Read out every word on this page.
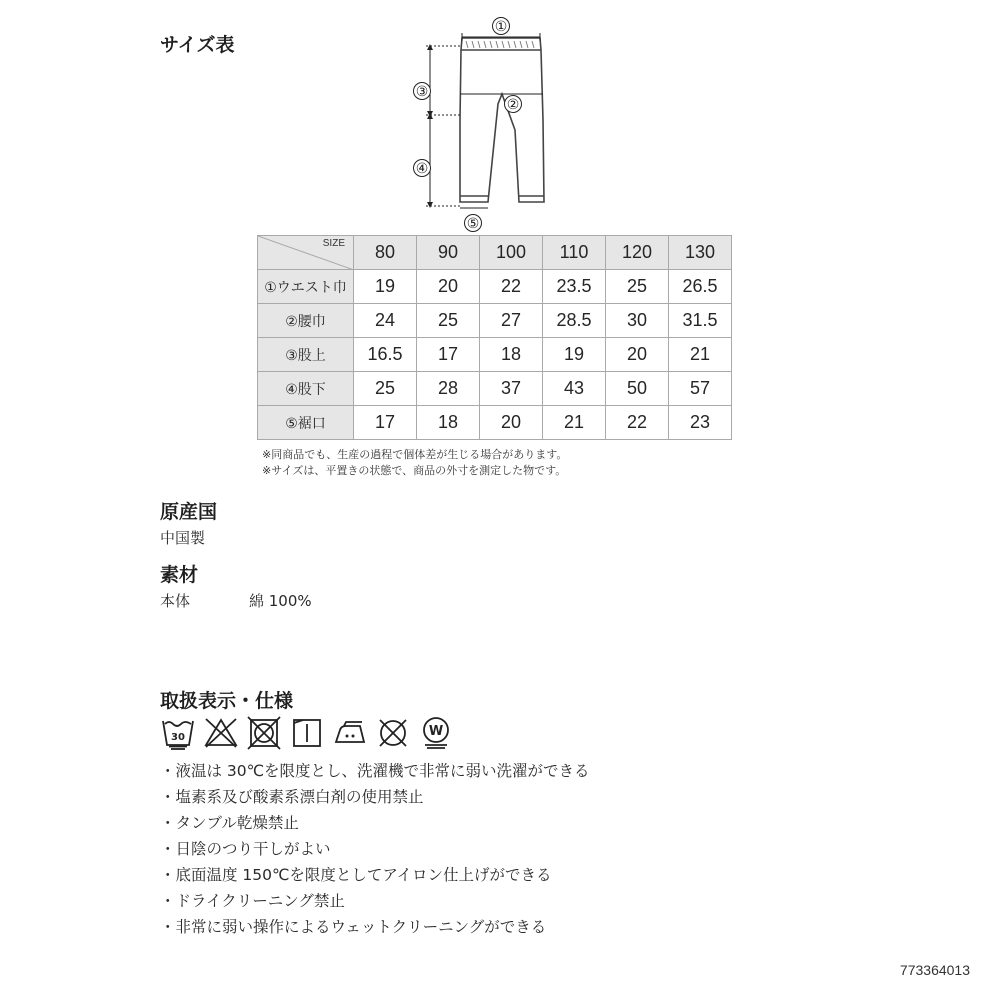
サイズ表
①
②
③
④
⑤
SIZE	80	90	100	110	120	130
①ウエスト巾	19	20	22	23.5	25	26.5
②腰巾	24	25	27	28.5	30	31.5
③股上	16.5	17	18	19	20	21
④股下	25	28	37	43	50	57
⑤裾口	17	18	20	21	22	23
※同商品でも、生産の過程で個体差が生じる場合があります。
※サイズは、平置きの状態で、商品の外寸を測定した物です。
原産国
中国製
素材
本体	綿 100%
取扱表示・仕様
30	W
・液温は 30℃を限度とし、洗濯機で非常に弱い洗濯ができる
・塩素系及び酸素系漂白剤の使用禁止
・タンブル乾燥禁止
・日陰のつり干しがよい
・底面温度 150℃を限度としてアイロン仕上げができる
・ドライクリーニング禁止
・非常に弱い操作によるウェットクリーニングができる
773364013
